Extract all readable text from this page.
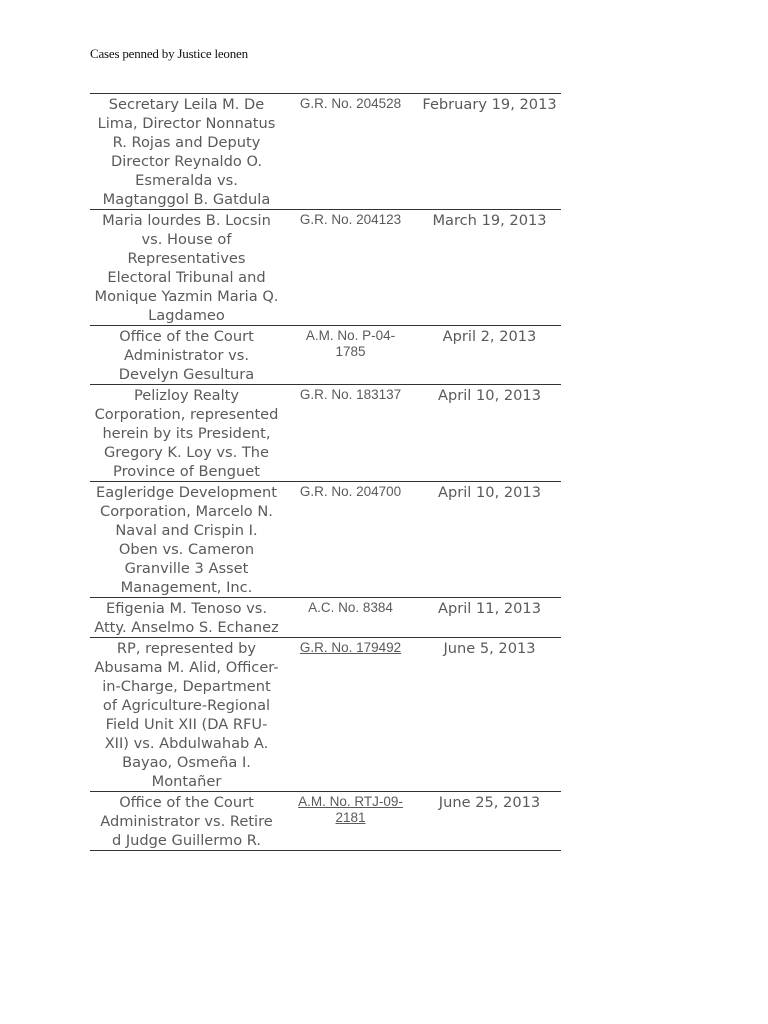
Cases penned by Justice leonen
Secretary Leila M. De Lima, Director Nonnatus R. Rojas and Deputy Director Reynaldo O. Esmeralda vs. Magtanggol B. Gatdula	G.R. No. 204528	February 19, 2013
Maria lourdes B. Locsin vs. House of Representatives Electoral Tribunal and Monique Yazmin Maria Q. Lagdameo	G.R. No. 204123	March 19, 2013
Office of the Court Administrator vs. Develyn Gesultura	A.M. No. P-04-1785	April 2, 2013
Pelizloy Realty Corporation, represented herein by its President, Gregory K. Loy vs. The Province of Benguet	G.R. No. 183137	April 10, 2013
Eagleridge Development Corporation, Marcelo N. Naval and Crispin I. Oben vs. Cameron Granville 3 Asset Management, Inc.	G.R. No. 204700	April 10, 2013
Efigenia M. Tenoso vs. Atty. Anselmo S. Echanez	A.C. No. 8384	April 11, 2013
RP, represented by Abusama M. Alid, Officer-in-Charge, Department of Agriculture-Regional Field Unit XII (DA RFU-XII) vs. Abdulwahab A. Bayao, Osmeña I. Montañer	G.R. No. 179492	June 5, 2013
Office of the Court Administrator vs. Retire d Judge Guillermo R.	A.M. No. RTJ-09-2181	June 25, 2013
